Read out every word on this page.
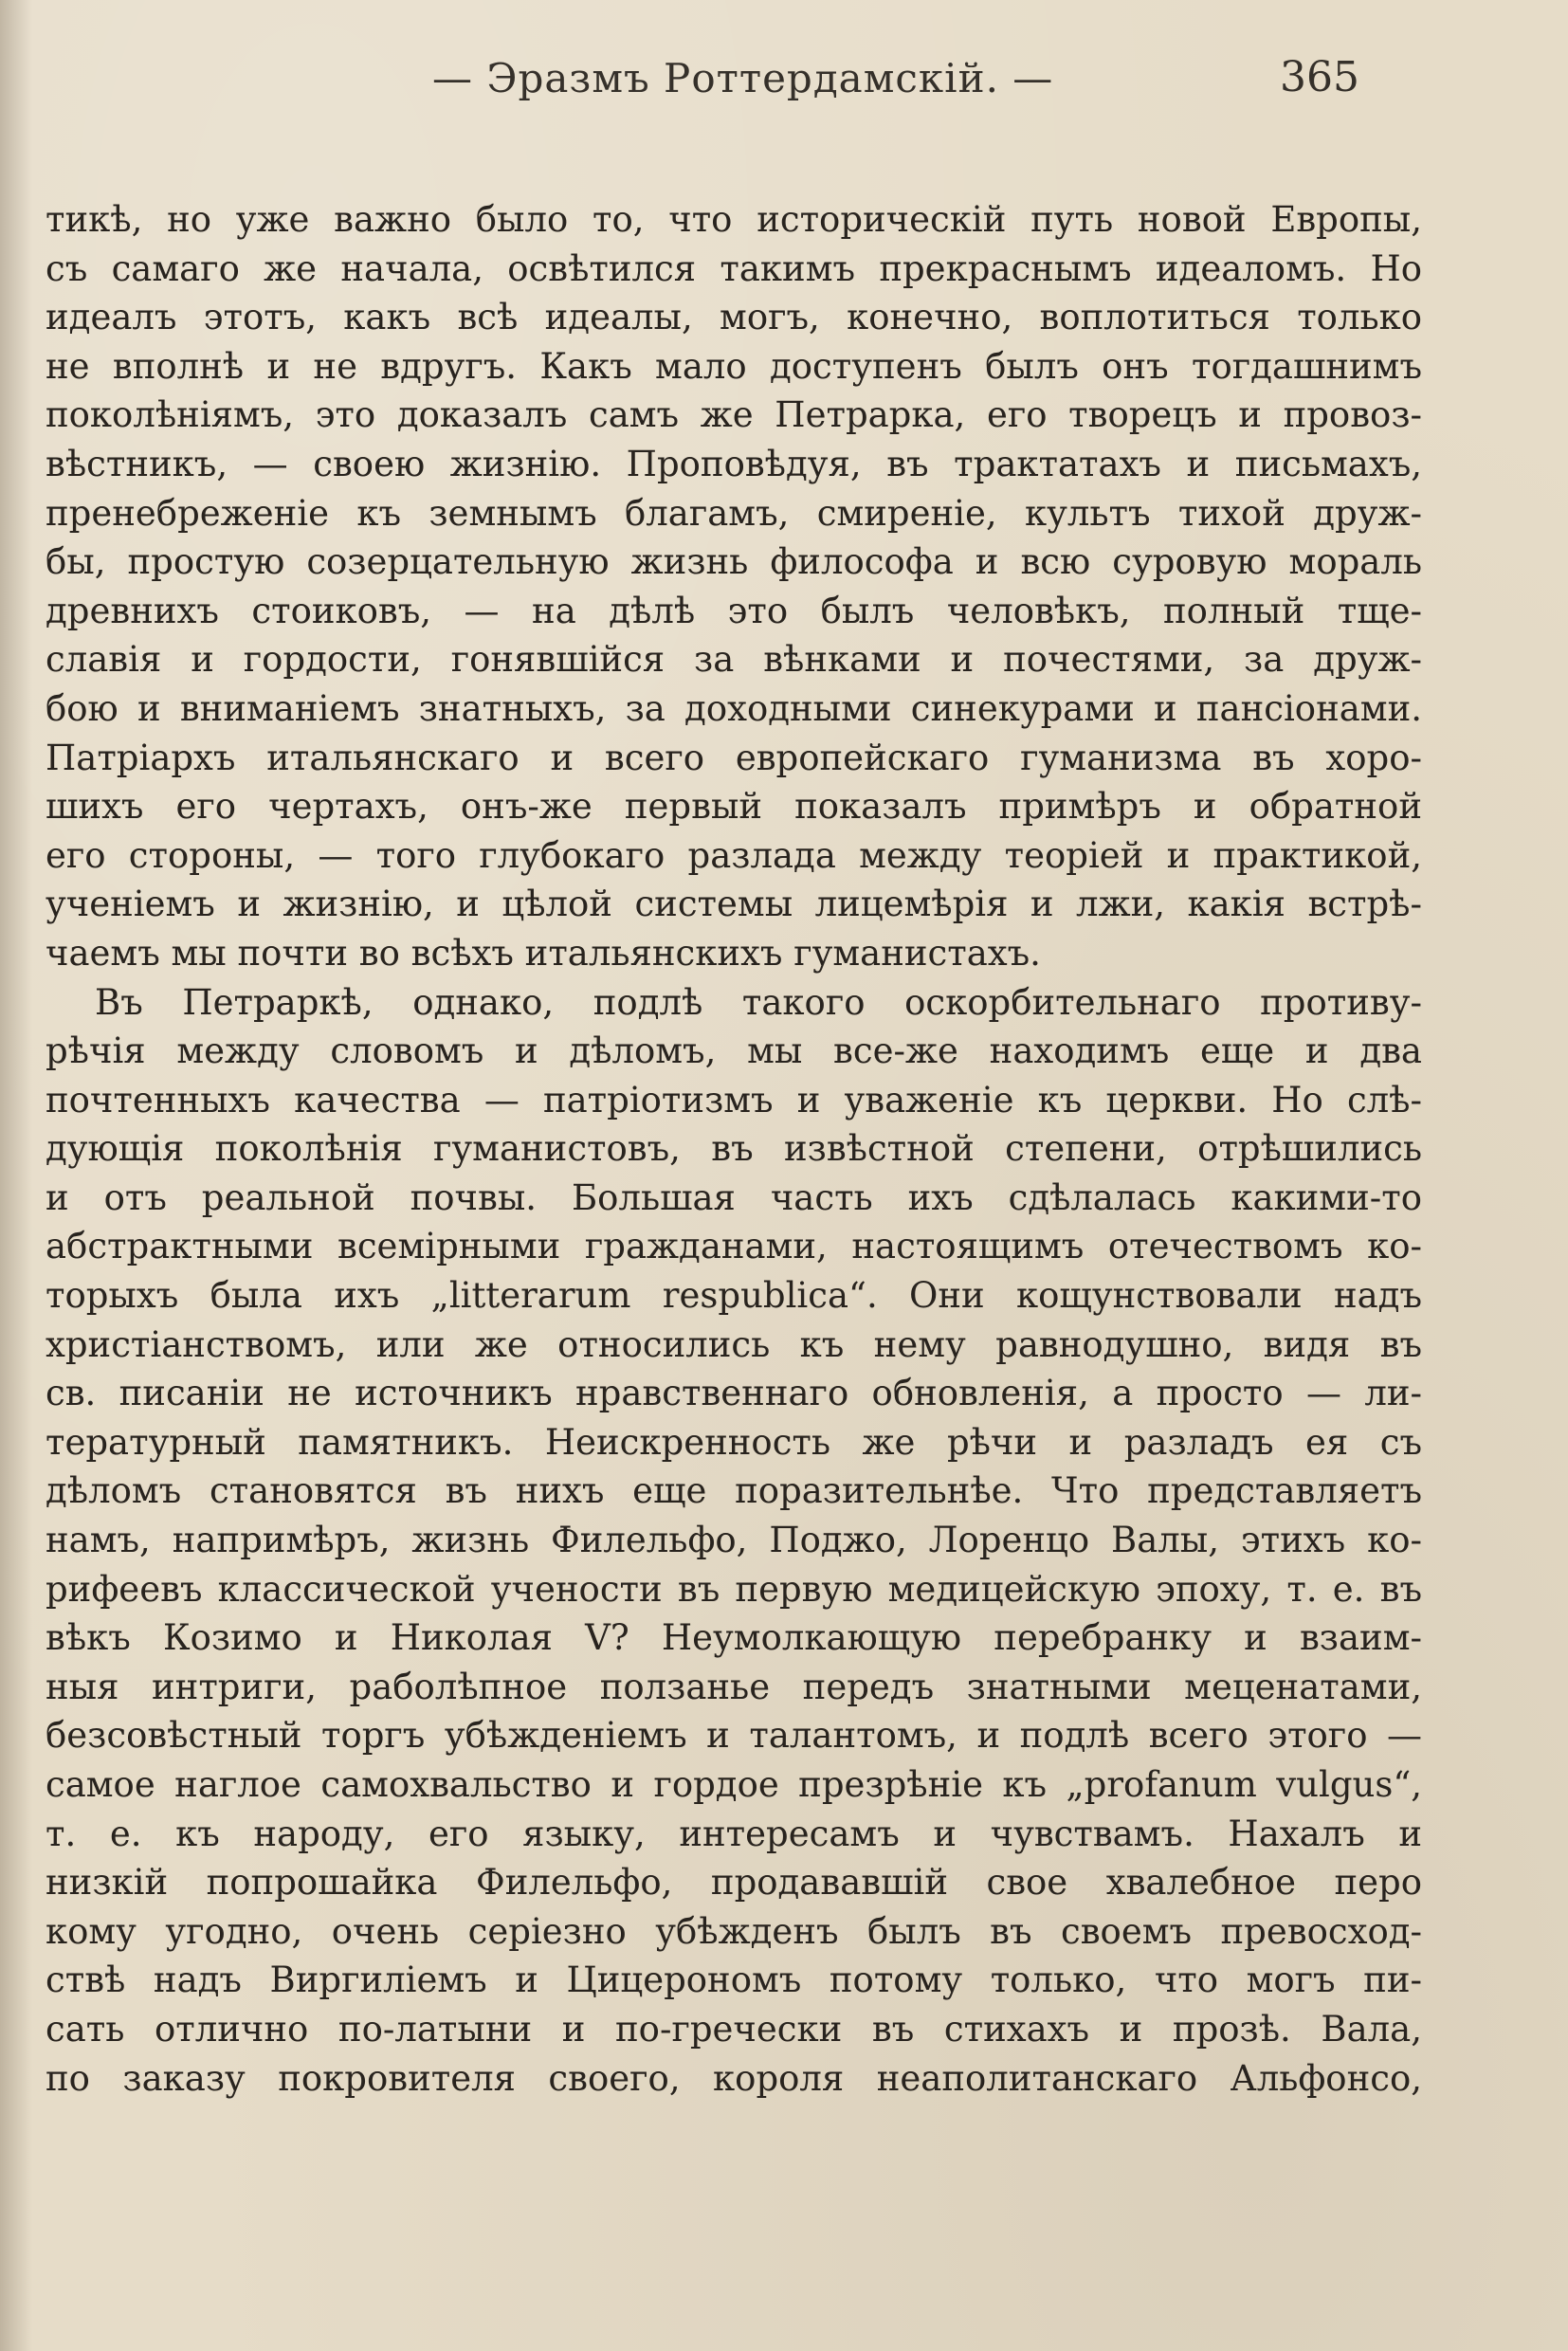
— Эразмъ Роттердамскій. —	365
тикѣ, но уже важно было то, что историческій путь новой Европы,
съ самаго же начала, освѣтился такимъ прекраснымъ идеаломъ. Но
идеалъ этотъ, какъ всѣ идеалы, могъ, конечно, воплотиться только
не вполнѣ и не вдругъ. Какъ мало доступенъ былъ онъ тогдашнимъ
поколѣніямъ, это доказалъ самъ же Петрарка, его творецъ и провоз-
вѣстникъ, — своею жизнію. Проповѣдуя, въ трактатахъ и письмахъ,
пренебреженіе къ земнымъ благамъ, смиреніе, культъ тихой друж-
бы, простую созерцательную жизнь философа и всю суровую мораль
древнихъ стоиковъ, — на дѣлѣ это былъ человѣкъ, полный тще-
славія и гордости, гонявшійся за вѣнками и почестями, за друж-
бою и вниманіемъ знатныхъ, за доходными синекурами и пансіонами.
Патріархъ итальянскаго и всего европейскаго гуманизма въ хоро-
шихъ его чертахъ, онъ-же первый показалъ примѣръ и обратной
его стороны, — того глубокаго разлада между теоріей и практикой,
ученіемъ и жизнію, и цѣлой системы лицемѣрія и лжи, какія встрѣ-
чаемъ мы почти во всѣхъ итальянскихъ гуманистахъ.
Въ Петраркѣ, однако, подлѣ такого оскорбительнаго противу-
рѣчія между словомъ и дѣломъ, мы все-же находимъ еще и два
почтенныхъ качества — патріотизмъ и уваженіе къ церкви. Но слѣ-
дующія поколѣнія гуманистовъ, въ извѣстной степени, отрѣшились
и отъ реальной почвы. Большая часть ихъ сдѣлалась какими-то
абстрактными всемірными гражданами, настоящимъ отечествомъ ко-
торыхъ была ихъ „litterarum respublica“. Они кощунствовали надъ
христіанствомъ, или же относились къ нему равнодушно, видя въ
св. писаніи не источникъ нравственнаго обновленія, а просто — ли-
тературный памятникъ. Неискренность же рѣчи и разладъ ея съ
дѣломъ становятся въ нихъ еще поразительнѣе. Что представляетъ
намъ, напримѣръ, жизнь Филельфо, Поджо, Лоренцо Валы, этихъ ко-
рифеевъ классической учености въ первую медицейскую эпоху, т. е. въ
вѣкъ Козимо и Николая V? Неумолкающую перебранку и взаим-
ныя интриги, раболѣпное ползанье передъ знатными меценатами,
безсовѣстный торгъ убѣжденіемъ и талантомъ, и подлѣ всего этого —
самое наглое самохвальство и гордое презрѣніе къ „profanum vulgus“,
т. е. къ народу, его языку, интересамъ и чувствамъ. Нахалъ и
низкій попрошайка Филельфо, продававшій свое хвалебное перо
кому угодно, очень серіезно убѣжденъ былъ въ своемъ превосход-
ствѣ надъ Виргиліемъ и Цицерономъ потому только, что могъ пи-
сать отлично по-латыни и по-гречески въ стихахъ и прозѣ. Вала,
по заказу покровителя своего, короля неаполитанскаго Альфонсо,
